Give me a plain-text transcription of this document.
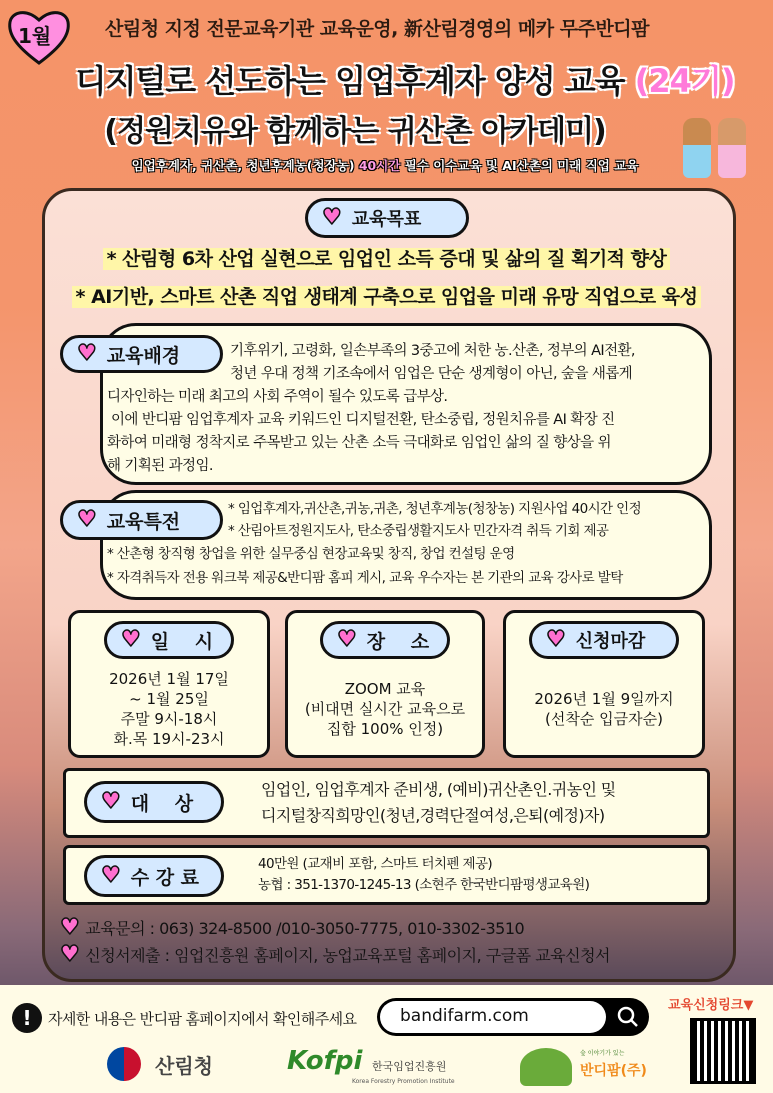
1월	산림청 지정 전문교육기관 교육운영, 新산림경영의 메카 무주반디팜
디지털로 선도하는 임업후계자 양성 교육 (24기)
(정원치유와 함께하는 귀산촌 아카데미)
임업후계자, 귀산촌, 청년후계농(청장농) 40시간 필수 이수교육 및 AI산촌의 미래 직업 교육
♥ 교육목표
* 산림형 6차 산업 실현으로 임업인 소득 증대 및 삶의 질 획기적 향상
* AI기반, 스마트 산촌 직업 생태계 구축으로 임업을 미래 유망 직업으로 육성
기후위기, 고령화, 일손부족의 3중고에 처한 농.산촌, 정부의 AI전환,
청년 우대 정책 기조속에서 임업은 단순 생계형이 아닌, 숲을 새롭게
디자인하는 미래 최고의 사회 주역이 될수 있도록 급부상.
이에 반디팜 임업후계자 교육 키워드인 디지털전환, 탄소중립, 정원치유를 AI 확장 진
화하여 미래형 정착지로 주목받고 있는 산촌 소득 극대화로 임업인 삶의 질 향상을 위
해 기획된 과정임.
♥ 교육배경
* 임업후계자,귀산촌,귀농,귀촌, 청년후계농(청창농) 지원사업 40시간 인정
* 산림아트정원지도사, 탄소중립생활지도사 민간자격 취득 기회 제공
* 산촌형 창직형 창업을 위한 실무중심 현장교육및 창직, 창업 컨설팅 운영
* 자격취득자 전용 워크북 제공&반디팜 홈피 게시, 교육 우수자는 본 기관의 교육 강사로 발탁
♥ 교육특전
♥ 일　 시
2026년 1월 17일
~ 1월 25일
주말 9시-18시
화.목 19시-23시
♥ 장　 소
ZOOM 교육
(비대면 실시간 교육으로
집합 100% 인정)
♥ 신청마감
2026년 1월 9일까지
(선착순 입금자순)
♥ 대　 상
임업인, 임업후계자 준비생, (예비)귀산촌인.귀농인 및
디지털창직희망인(청년,경력단절여성,은퇴(예정)자)
♥ 수 강 료
40만원 (교재비 포함, 스마트 터치펜 제공)
농협 : 351-1370-1245-13 (소현주 한국반디팜평생교육원)
♥ 교육문의 : 063) 324-8500 /010-3050-7775, 010-3302-3510
♥ 신청서제출 : 임업진흥원 홈페이지, 농업교육포털 홈페이지, 구글폼 교육신청서
!	자세한 내용은 반디팜 홈페이지에서 확인해주세요	bandifarm.com
교육신청링크▼
산림청	Kofpi 한국임업진흥원
Korea Forestry Promotion Institute
숲 이야기가 있는
반디팜(주)
